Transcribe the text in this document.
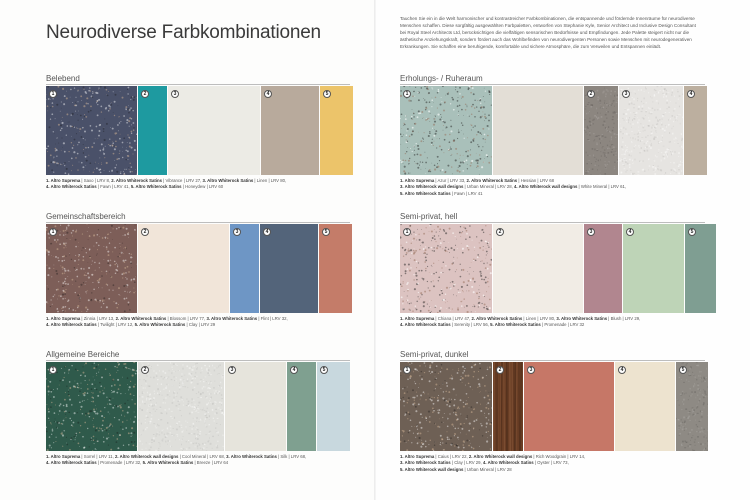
Neurodiverse Farbkombinationen

Tauchen Sie ein in die Welt harmonischer und kontrastreicher Farbkombinationen, die entspannende und fördernde Innenräume für neurodiverse Menschen schaffen. Diese sorgfältig ausgewählten Farbpaletten, entworfen von Stephanie Kyle, Senior Architect und Inclusive Design Consultant bei Royal Steel Architects Ltd, berücksichtigen die vielfältigen sensorischen Bedürfnisse und Empfindungen. Jede Palette steigert nicht nur die ästhetische Anziehungskraft, sondern fördert auch das Wohlbefinden von neurodivergenten Personen sowie Menschen mit neurodegenerativen Erkrankungen. Sie schaffen eine beruhigende, komfortable und sichere Atmosphäre, die zum Verweilen und Entspannen einlädt.

Belebend
1	2	3	4	5
1. Altro Suprema | Saxo | LRV 8, 2. Altro Whiterock Satins | Vibrance | LRV 27, 3. Altro Whiterock Satins | Linen | LRV 80,
4. Altro Whiterock Satins | Fawn | LRV 41, 5. Altro Whiterock Satins | Honeydew | LRV 60
Erholungs- / Ruheraum
1	2	3	4
1. Altro Suprema | Azur | LRV 33, 2. Altro Whiterock Satins | Hessian | LRV 68
3. Altro Whiterock wall designs | Urban Mineral | LRV 28, 4. Altro Whiterock wall designs | White Mineral | LRV 61,
5. Altro Whiterock Satins | Fawn | LRV 41
Gemeinschaftsbereich
1	2	3	4	5
1. Altro Suprema | Zinnia | LRV 13, 2. Altro Whiterock Satins | Blossom | LRV 77, 3. Altro Whiterock Satins | Flint | LRV 32,
4. Altro Whiterock Satins | Twilight | LRV 12, 5. Altro Whiterock Satins | Clay | LRV 29
Semi-privat, hell
1	2	3	4	5
1. Altro Suprema | Chiana | LRV 47, 2. Altro Whiterock Satins | Linen | LRV 80, 3. Altro Whiterock Satins | Blush | LRV 29,
4. Altro Whiterock Satins | Serenity | LRV 56, 5. Altro Whiterock Satins | Promenade | LRV 32
Allgemeine Bereiche
1	2	3	4	5
1. Altro Suprema | Sorrel | LRV 11, 2. Altro Whiterock wall designs | Cool Mineral | LRV 68, 3. Altro Whiterock Satins | Silk | LRV 68,
4. Altro Whiterock Satins | Promenade | LRV 32, 5. Altro Whiterock Satins | Breeze | LRV 64
Semi-privat, dunkel
1	2	3	4	5
1. Altro Suprema | Caius | LRV 22, 2. Altro Whiterock wall designs | Rich Woodgrain | LRV 14,
3. Altro Whiterock Satins | Clay | LRV 29, 4. Altro Whiterock Satins | Oyster | LRV 73,
5. Altro Whiterock wall designs | Urban Mineral | LRV 28
